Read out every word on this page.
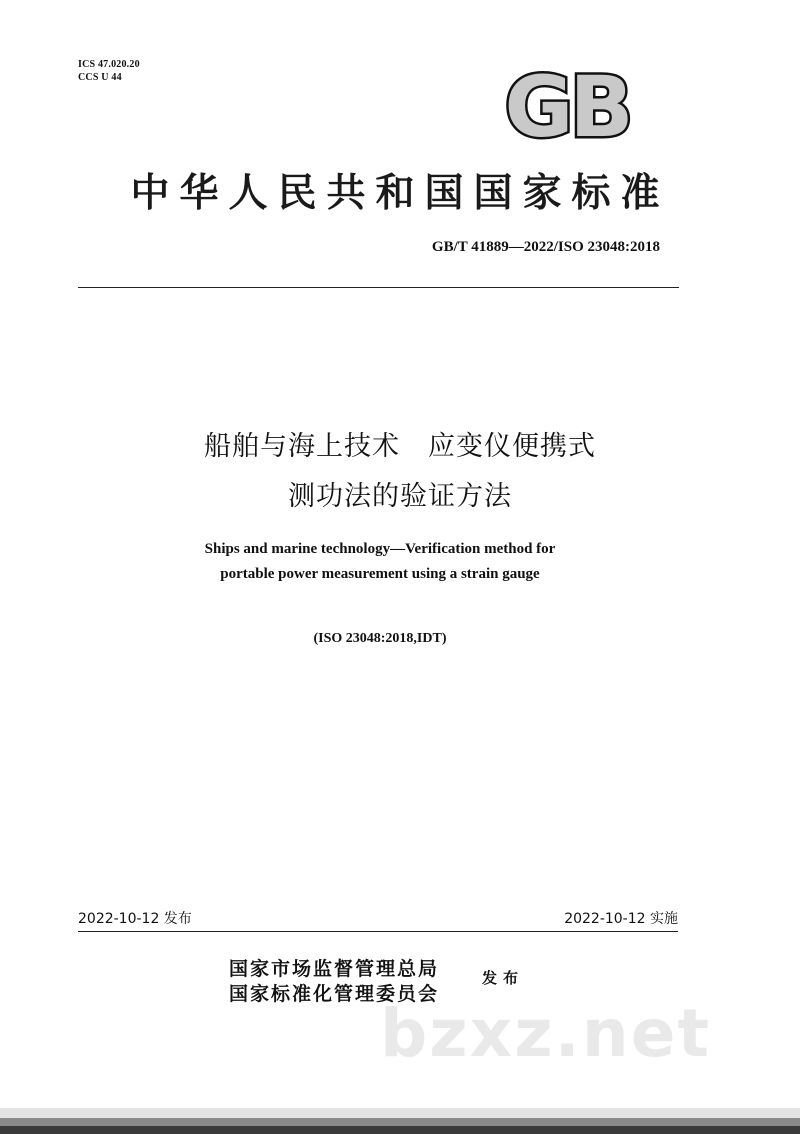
ICS 47.020.20
CCS U 44	GB
中华人民共和国国家标准
GB/T 41889—2022/ISO 23048:2018
船舶与海上技术　应变仪便携式
测功法的验证方法
Ships and marine technology—Verification method for
portable power measurement using a strain gauge
(ISO 23048:2018,IDT)
2022-10-12 发布	2022-10-12 实施
国家市场监督管理总局
国家标准化管理委员会
发布
bzxz.net
